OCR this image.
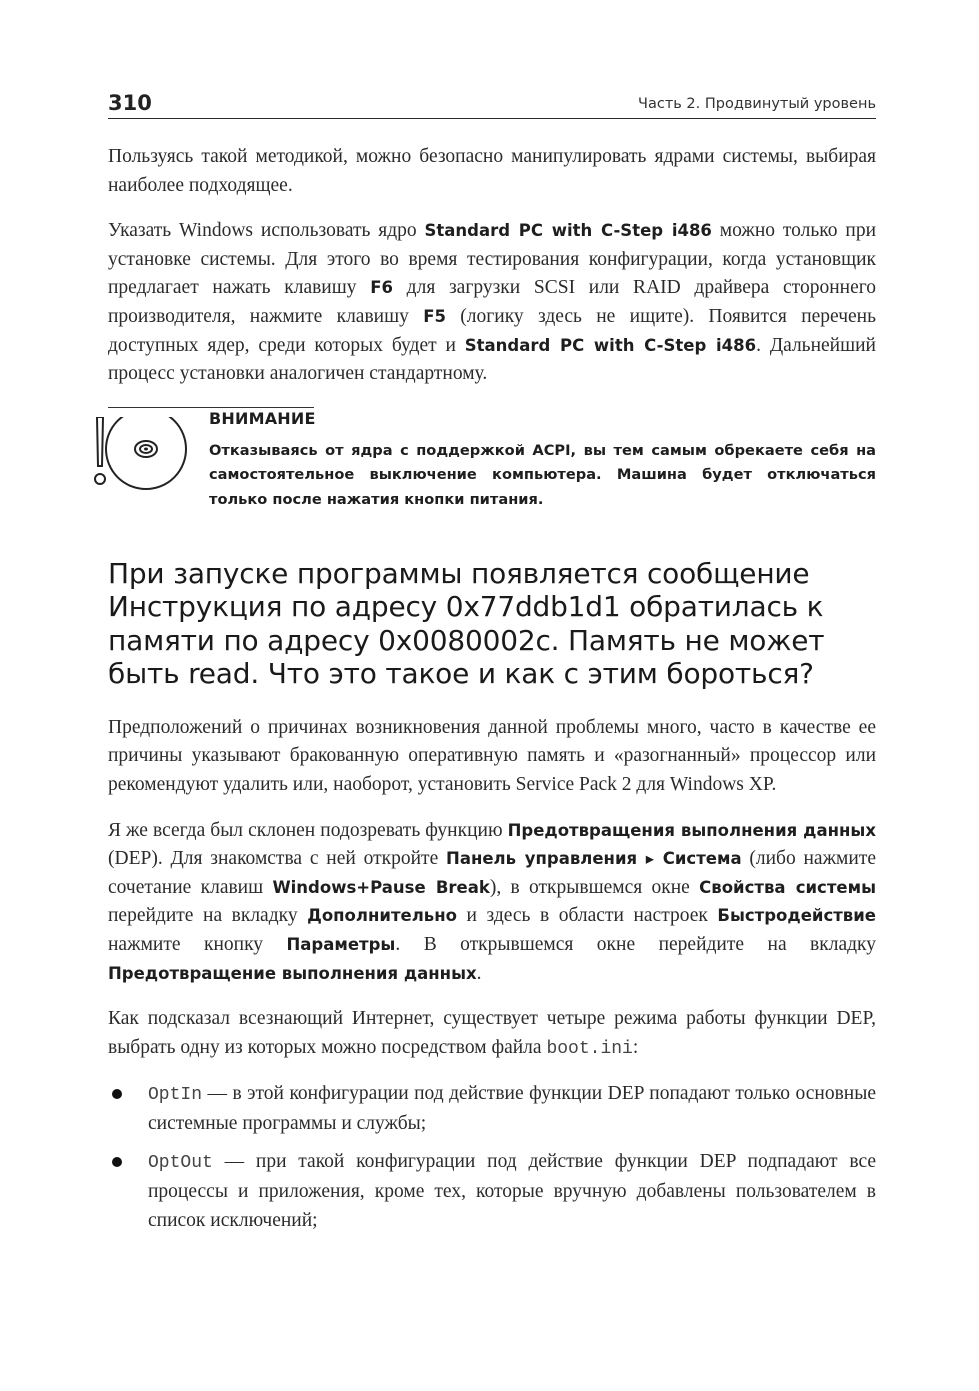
310	Часть 2. Продвинутый уровень

Пользуясь такой методикой, можно безопасно манипулировать ядрами системы, выбирая наиболее подходящее.

Указать Windows использовать ядро Standard PC with C-Step i486 можно только при установке системы. Для этого во время тестирования конфигурации, когда установщик предлагает нажать клавишу F6 для загрузки SCSI или RAID драйвера стороннего производителя, нажмите клавишу F5 (логику здесь не ищите). Появится перечень доступных ядер, среди которых будет и Standard PC with C-Step i486. Дальнейший процесс установки аналогичен стандартному.

ВНИМАНИЕ
Отказываясь от ядра с поддержкой ACPI, вы тем самым обрекаете себя на самостоятельное выключение компьютера. Машина будет отключаться только после нажатия кнопки питания.
При запуске программы появляется сообщение Инструкция по адресу 0x77ddb1d1 обратилась к памяти по адресу 0x0080002c. Память не может быть read. Что это такое и как с этим бороться?

Предположений о причинах возникновения данной проблемы много, часто в качестве ее причины указывают бракованную оперативную память и «разогнанный» процессор или рекомендуют удалить или, наоборот, установить Service Pack 2 для Windows XP.

Я же всегда был склонен подозревать функцию Предотвращения выполнения данных (DEP). Для знакомства с ней откройте Панель управления ▸ Система (либо нажмите сочетание клавиш Windows+Pause Break), в открывшемся окне Свойства системы перейдите на вкладку Дополнительно и здесь в области настроек Быстродействие нажмите кнопку Параметры. В открывшемся окне перейдите на вкладку Предотвращение выполнения данных.

Как подсказал всезнающий Интернет, существует четыре режима работы функции DEP, выбрать одну из которых можно посредством файла boot.ini:

OptIn — в этой конфигурации под действие функции DEP попадают только основные системные программы и службы;
OptOut — при такой конфигурации под действие функции DEP подпадают все процессы и приложения, кроме тех, которые вручную добавлены пользователем в список исключений;
